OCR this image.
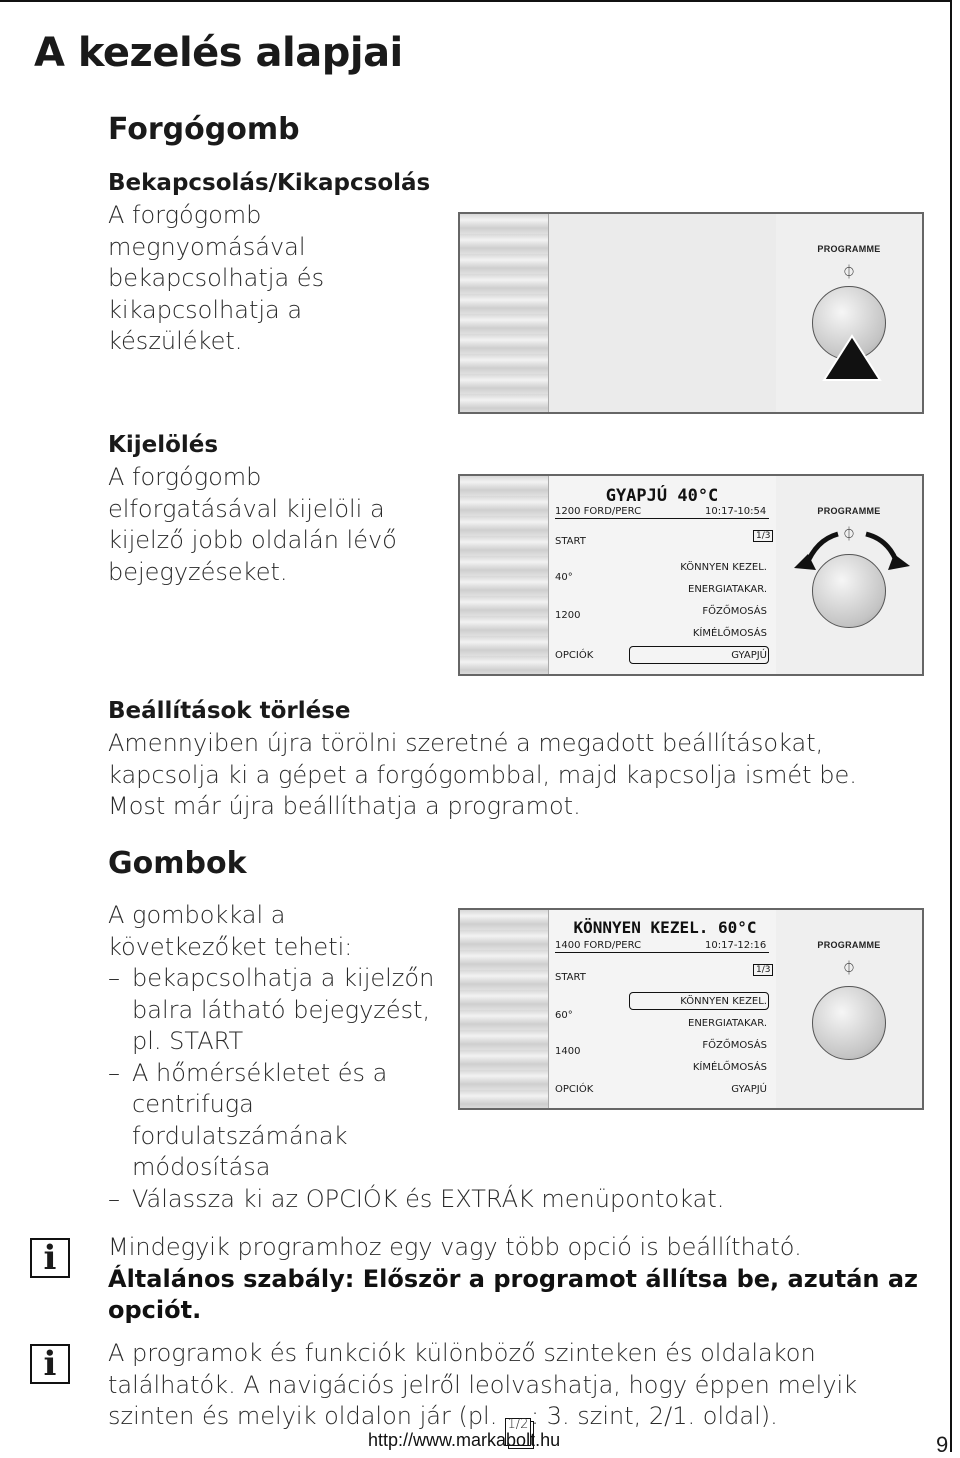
A kezelés alapjai
Forgógomb
Bekapcsolás/Kikapcsolás
A forgógomb
megnyomásával
bekapcsolhatja és
kikapcsolhatja a
készüléket.
Kijelölés
A forgógomb
elforgatásával kijelöli a
kijelző jobb oldalán lévő
bejegyzéseket.
PROGRAMME
⏀
GYAPJÚ 40°C
1200 FORD/PERC	10:17-10:54
1/3
START
40°
1200
OPCIÓK
KÖNNYEN KEZEL.
ENERGIATAKAR.
FŐZŐMOSÁS
KÍMÉLŐMOSÁS
GYAPJÚ
PROGRAMME
⏀
Beállítások törlése
Amennyiben újra törölni szeretné a megadott beállításokat,
kapcsolja ki a gépet a forgógombbal, majd kapcsolja ismét be.
Most már újra beállíthatja a programot.
Gombok
A gombokkal a
következőket teheti:
– bekapcsolhatja a kijelzőn
balra látható bejegyzést,
pl. START
– A hőmérsékletet és a
centrifuga
fordulatszámának
módosítása
– Válassza ki az OPCIÓK és EXTRÁK menüpontokat.
KÖNNYEN KEZEL. 60°C
1400 FORD/PERC	10:17-12:16
1/3
START
60°
1400
OPCIÓK
KÖNNYEN KEZEL.
ENERGIATAKAR.
FŐZŐMOSÁS
KÍMÉLŐMOSÁS
GYAPJÚ
PROGRAMME
⏀
i	Mindegyik programhoz egy vagy több opció is beállítható.
Általános szabály: Először a programot állítsa be, azután az
opciót.
i	A programok és funkciók különböző szinteken és oldalakon
találhatók. A navigációs jelről leolvashatja, hogy éppen melyik
szinten és melyik oldalon jár (pl. 1/2 : 3. szint, 2/1. oldal).
http://www.markabolt.hu	9
